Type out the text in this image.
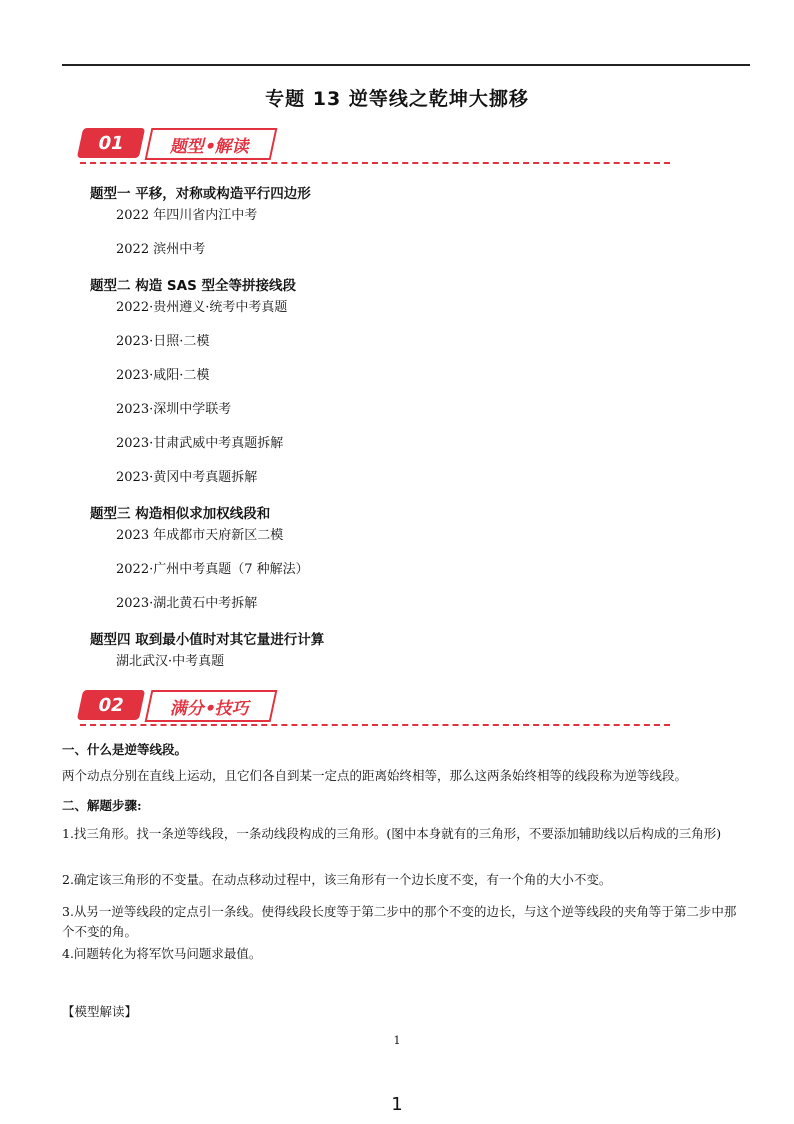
专题 13 逆等线之乾坤大挪移
01	题型•解读
题型一 平移，对称或构造平行四边形
2022 年四川省内江中考
2022 滨州中考
题型二 构造 SAS 型全等拼接线段
2022·贵州遵义·统考中考真题
2023·日照·二模
2023·咸阳·二模
2023·深圳中学联考
2023·甘肃武威中考真题拆解
2023·黄冈中考真题拆解
题型三 构造相似求加权线段和
2023 年成都市天府新区二模
2022·广州中考真题（7 种解法）
2023·湖北黄石中考拆解
题型四 取到最小值时对其它量进行计算
湖北武汉·中考真题
02	满分•技巧
一、什么是逆等线段。
两个动点分别在直线上运动，且它们各自到某一定点的距离始终相等，那么这两条始终相等的线段称为逆等线段。
二、解题步骤:
1.找三角形。找一条逆等线段，一条动线段构成的三角形。(图中本身就有的三角形，不要添加辅助线以后构成的三角形)
2.确定该三角形的不变量。在动点移动过程中，该三角形有一个边长度不变，有一个角的大小不变。
3.从另一逆等线段的定点引一条线。使得线段长度等于第二步中的那个不变的边长，与这个逆等线段的夹角等于第二步中那个不变的角。
4.问题转化为将军饮马问题求最值。
【模型解读】
1
1
